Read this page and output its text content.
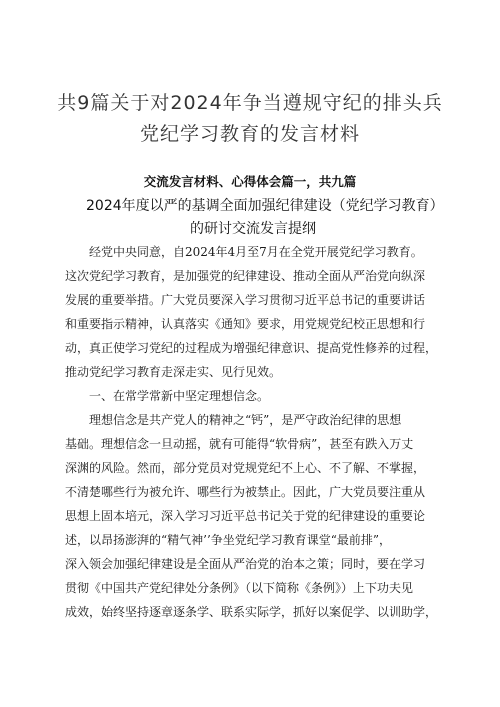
共9篇关于对2024年争当遵规守纪的排头兵
党纪学习教育的发言材料
交流发言材料、心得体会篇一，共九篇
2024年度以严的基调全面加强纪律建设（党纪学习教育）
的研讨交流发言提纲
经党中央同意，自2024年4月至7月在全党开展党纪学习教育。
这次党纪学习教育，是加强党的纪律建设、推动全面从严治党向纵深
发展的重要举措。广大党员要深入学习贯彻习近平总书记的重要讲话
和重要指示精神，认真落实《通知》要求，用党规党纪校正思想和行
动，真正使学习党纪的过程成为增强纪律意识、提高党性修养的过程，
推动党纪学习教育走深走实、见行见效。
一、在常学常新中坚定理想信念。
理想信念是共产党人的精神之“钙”，是严守政治纪律的思想
基础。理想信念一旦动摇，就有可能得“软骨病”，甚至有跌入万丈
深渊的风险。然而，部分党员对党规党纪不上心、不了解、不掌握，
不清楚哪些行为被允许、哪些行为被禁止。因此，广大党员要注重从
思想上固本培元，深入学习习近平总书记关于党的纪律建设的重要论
述，以昂扬澎湃的“精气神’’争坐党纪学习教育课堂“最前排”，
深入领会加强纪律建设是全面从严治党的治本之策；同时，要在学习
贯彻《中国共产党纪律处分条例》（以下简称《条例》）上下功夫见
成效，始终坚持逐章逐条学、联系实际学，抓好以案促学、以训助学，
